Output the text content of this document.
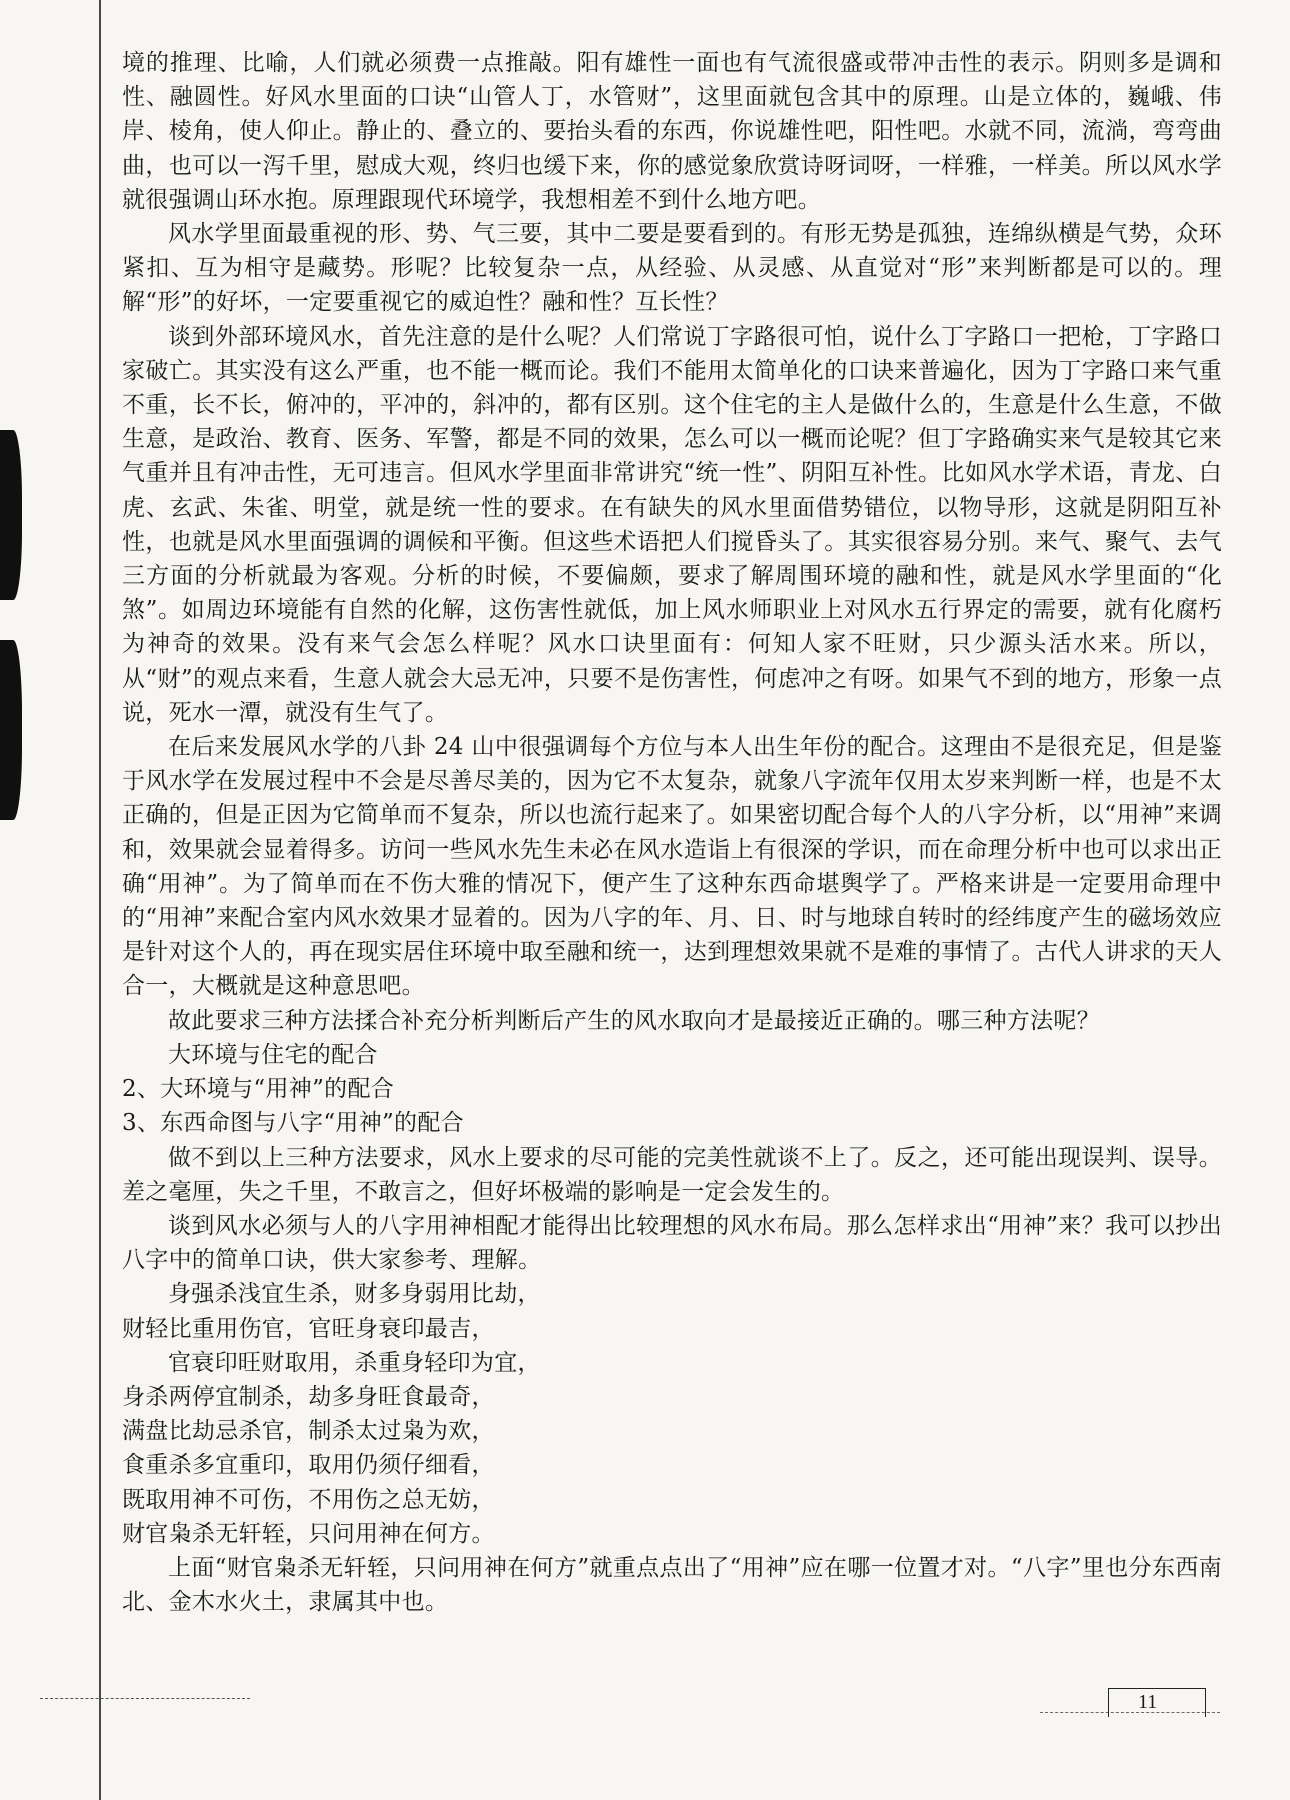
境的推理、比喻，人们就必须费一点推敲。阳有雄性一面也有气流很盛或带冲击性的表示。阴则多是调和性、融圆性。好风水里面的口诀“山管人丁，水管财”，这里面就包含其中的原理。山是立体的，巍峨、伟岸、棱角，使人仰止。静止的、叠立的、要抬头看的东西，你说雄性吧，阳性吧。水就不同，流淌，弯弯曲曲，也可以一泻千里，慰成大观，终归也缓下来，你的感觉象欣赏诗呀词呀，一样雅，一样美。所以风水学就很强调山环水抱。原理跟现代环境学，我想相差不到什么地方吧。

风水学里面最重视的形、势、气三要，其中二要是要看到的。有形无势是孤独，连绵纵横是气势，众环紧扣、互为相守是藏势。形呢？比较复杂一点，从经验、从灵感、从直觉对“形”来判断都是可以的。理解“形”的好坏，一定要重视它的威迫性？融和性？互长性？

谈到外部环境风水，首先注意的是什么呢？人们常说丁字路很可怕，说什么丁字路口一把枪，丁字路口家破亡。其实没有这么严重，也不能一概而论。我们不能用太简单化的口诀来普遍化，因为丁字路口来气重不重，长不长，俯冲的，平冲的，斜冲的，都有区别。这个住宅的主人是做什么的，生意是什么生意，不做生意，是政治、教育、医务、军警，都是不同的效果，怎么可以一概而论呢？但丁字路确实来气是较其它来气重并且有冲击性，无可违言。但风水学里面非常讲究“统一性”、阴阳互补性。比如风水学术语，青龙、白虎、玄武、朱雀、明堂，就是统一性的要求。在有缺失的风水里面借势错位，以物导形，这就是阴阳互补性，也就是风水里面强调的调候和平衡。但这些术语把人们搅昏头了。其实很容易分别。来气、聚气、去气三方面的分析就最为客观。分析的时候，不要偏颇，要求了解周围环境的融和性，就是风水学里面的“化煞”。如周边环境能有自然的化解，这伤害性就低，加上风水师职业上对风水五行界定的需要，就有化腐朽为神奇的效果。没有来气会怎么样呢？风水口诀里面有：何知人家不旺财，只少源头活水来。所以，从“财”的观点来看，生意人就会大忌无冲，只要不是伤害性，何虑冲之有呀。如果气不到的地方，形象一点说，死水一潭，就没有生气了。

在后来发展风水学的八卦 24 山中很强调每个方位与本人出生年份的配合。这理由不是很充足，但是鉴于风水学在发展过程中不会是尽善尽美的，因为它不太复杂，就象八字流年仅用太岁来判断一样，也是不太正确的，但是正因为它简单而不复杂，所以也流行起来了。如果密切配合每个人的八字分析，以“用神”来调和，效果就会显着得多。访问一些风水先生未必在风水造诣上有很深的学识，而在命理分析中也可以求出正确“用神”。为了简单而在不伤大雅的情况下，便产生了这种东西命堪舆学了。严格来讲是一定要用命理中的“用神”来配合室内风水效果才显着的。因为八字的年、月、日、时与地球自转时的经纬度产生的磁场效应是针对这个人的，再在现实居住环境中取至融和统一，达到理想效果就不是难的事情了。古代人讲求的天人合一，大概就是这种意思吧。

故此要求三种方法揉合补充分析判断后产生的风水取向才是最接近正确的。哪三种方法呢？

大环境与住宅的配合

2、大环境与“用神”的配合

3、东西命图与八字“用神”的配合

做不到以上三种方法要求，风水上要求的尽可能的完美性就谈不上了。反之，还可能出现误判、误导。差之毫厘，失之千里，不敢言之，但好坏极端的影响是一定会发生的。

谈到风水必须与人的八字用神相配才能得出比较理想的风水布局。那么怎样求出“用神”来？我可以抄出八字中的简单口诀，供大家参考、理解。

身强杀浅宜生杀，财多身弱用比劫，

财轻比重用伤官，官旺身衰印最吉，

官衰印旺财取用，杀重身轻印为宜，

身杀两停宜制杀，劫多身旺食最奇，

满盘比劫忌杀官，制杀太过枭为欢，

食重杀多宜重印，取用仍须仔细看，

既取用神不可伤，不用伤之总无妨，

财官枭杀无轩轾，只问用神在何方。

上面“财官枭杀无轩轾，只问用神在何方”就重点点出了“用神”应在哪一位置才对。“八字”里也分东西南北、金木水火土，隶属其中也。

11
